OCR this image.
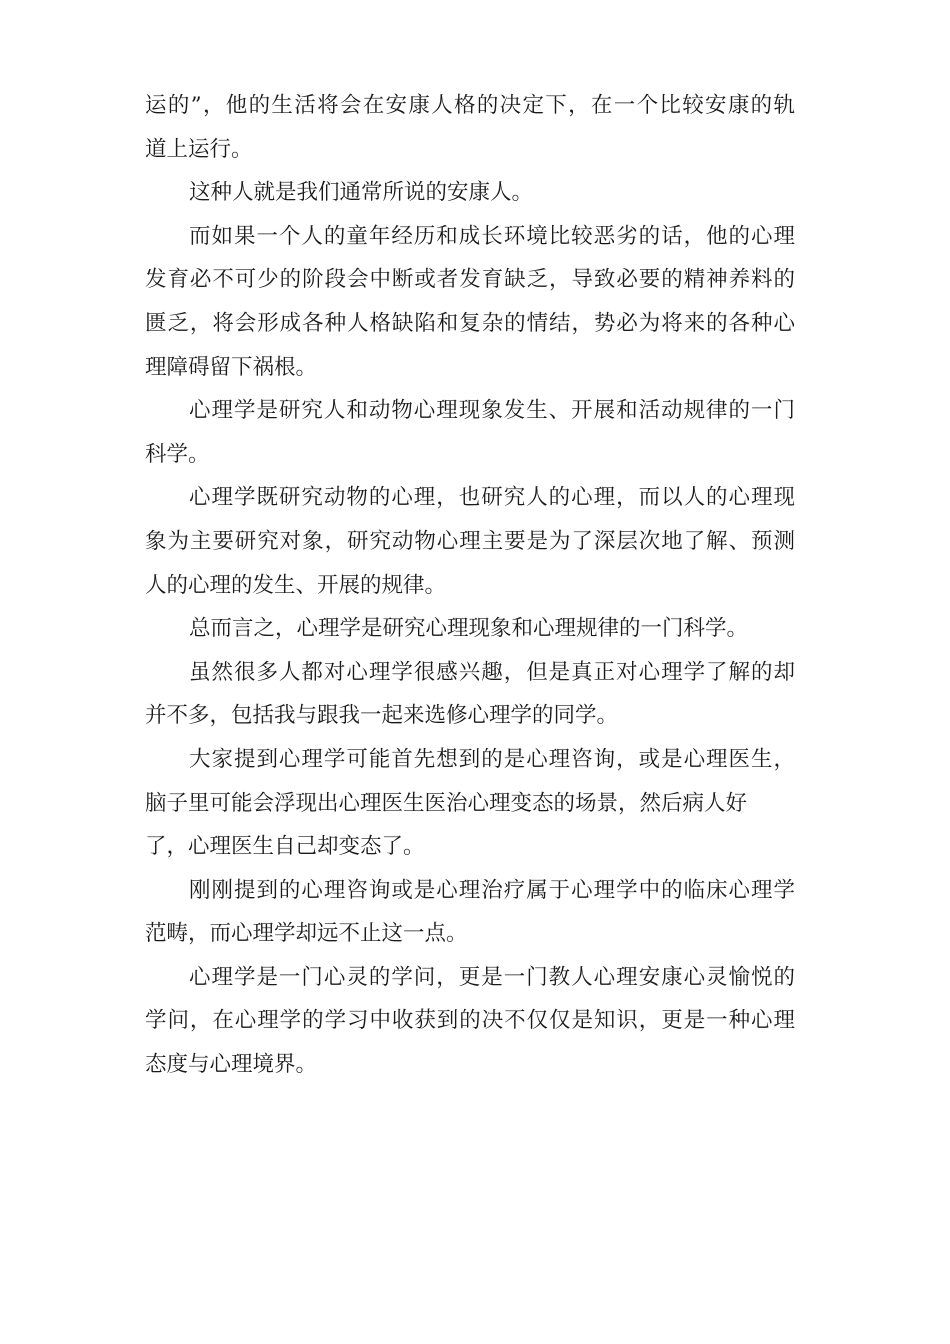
运的”，他的生活将会在安康人格的决定下，在一个比较安康的轨
道上运行。
这种人就是我们通常所说的安康人。
而如果一个人的童年经历和成长环境比较恶劣的话，他的心理
发育必不可少的阶段会中断或者发育缺乏，导致必要的精神养料的
匮乏，将会形成各种人格缺陷和复杂的情结，势必为将来的各种心
理障碍留下祸根。
心理学是研究人和动物心理现象发生、开展和活动规律的一门
科学。
心理学既研究动物的心理，也研究人的心理，而以人的心理现
象为主要研究对象，研究动物心理主要是为了深层次地了解、预测
人的心理的发生、开展的规律。
总而言之，心理学是研究心理现象和心理规律的一门科学。
虽然很多人都对心理学很感兴趣，但是真正对心理学了解的却
并不多，包括我与跟我一起来选修心理学的同学。
大家提到心理学可能首先想到的是心理咨询，或是心理医生，
脑子里可能会浮现出心理医生医治心理变态的场景，然后病人好
了，心理医生自己却变态了。
刚刚提到的心理咨询或是心理治疗属于心理学中的临床心理学
范畴，而心理学却远不止这一点。
心理学是一门心灵的学问，更是一门教人心理安康心灵愉悦的
学问，在心理学的学习中收获到的决不仅仅是知识，更是一种心理
态度与心理境界。
